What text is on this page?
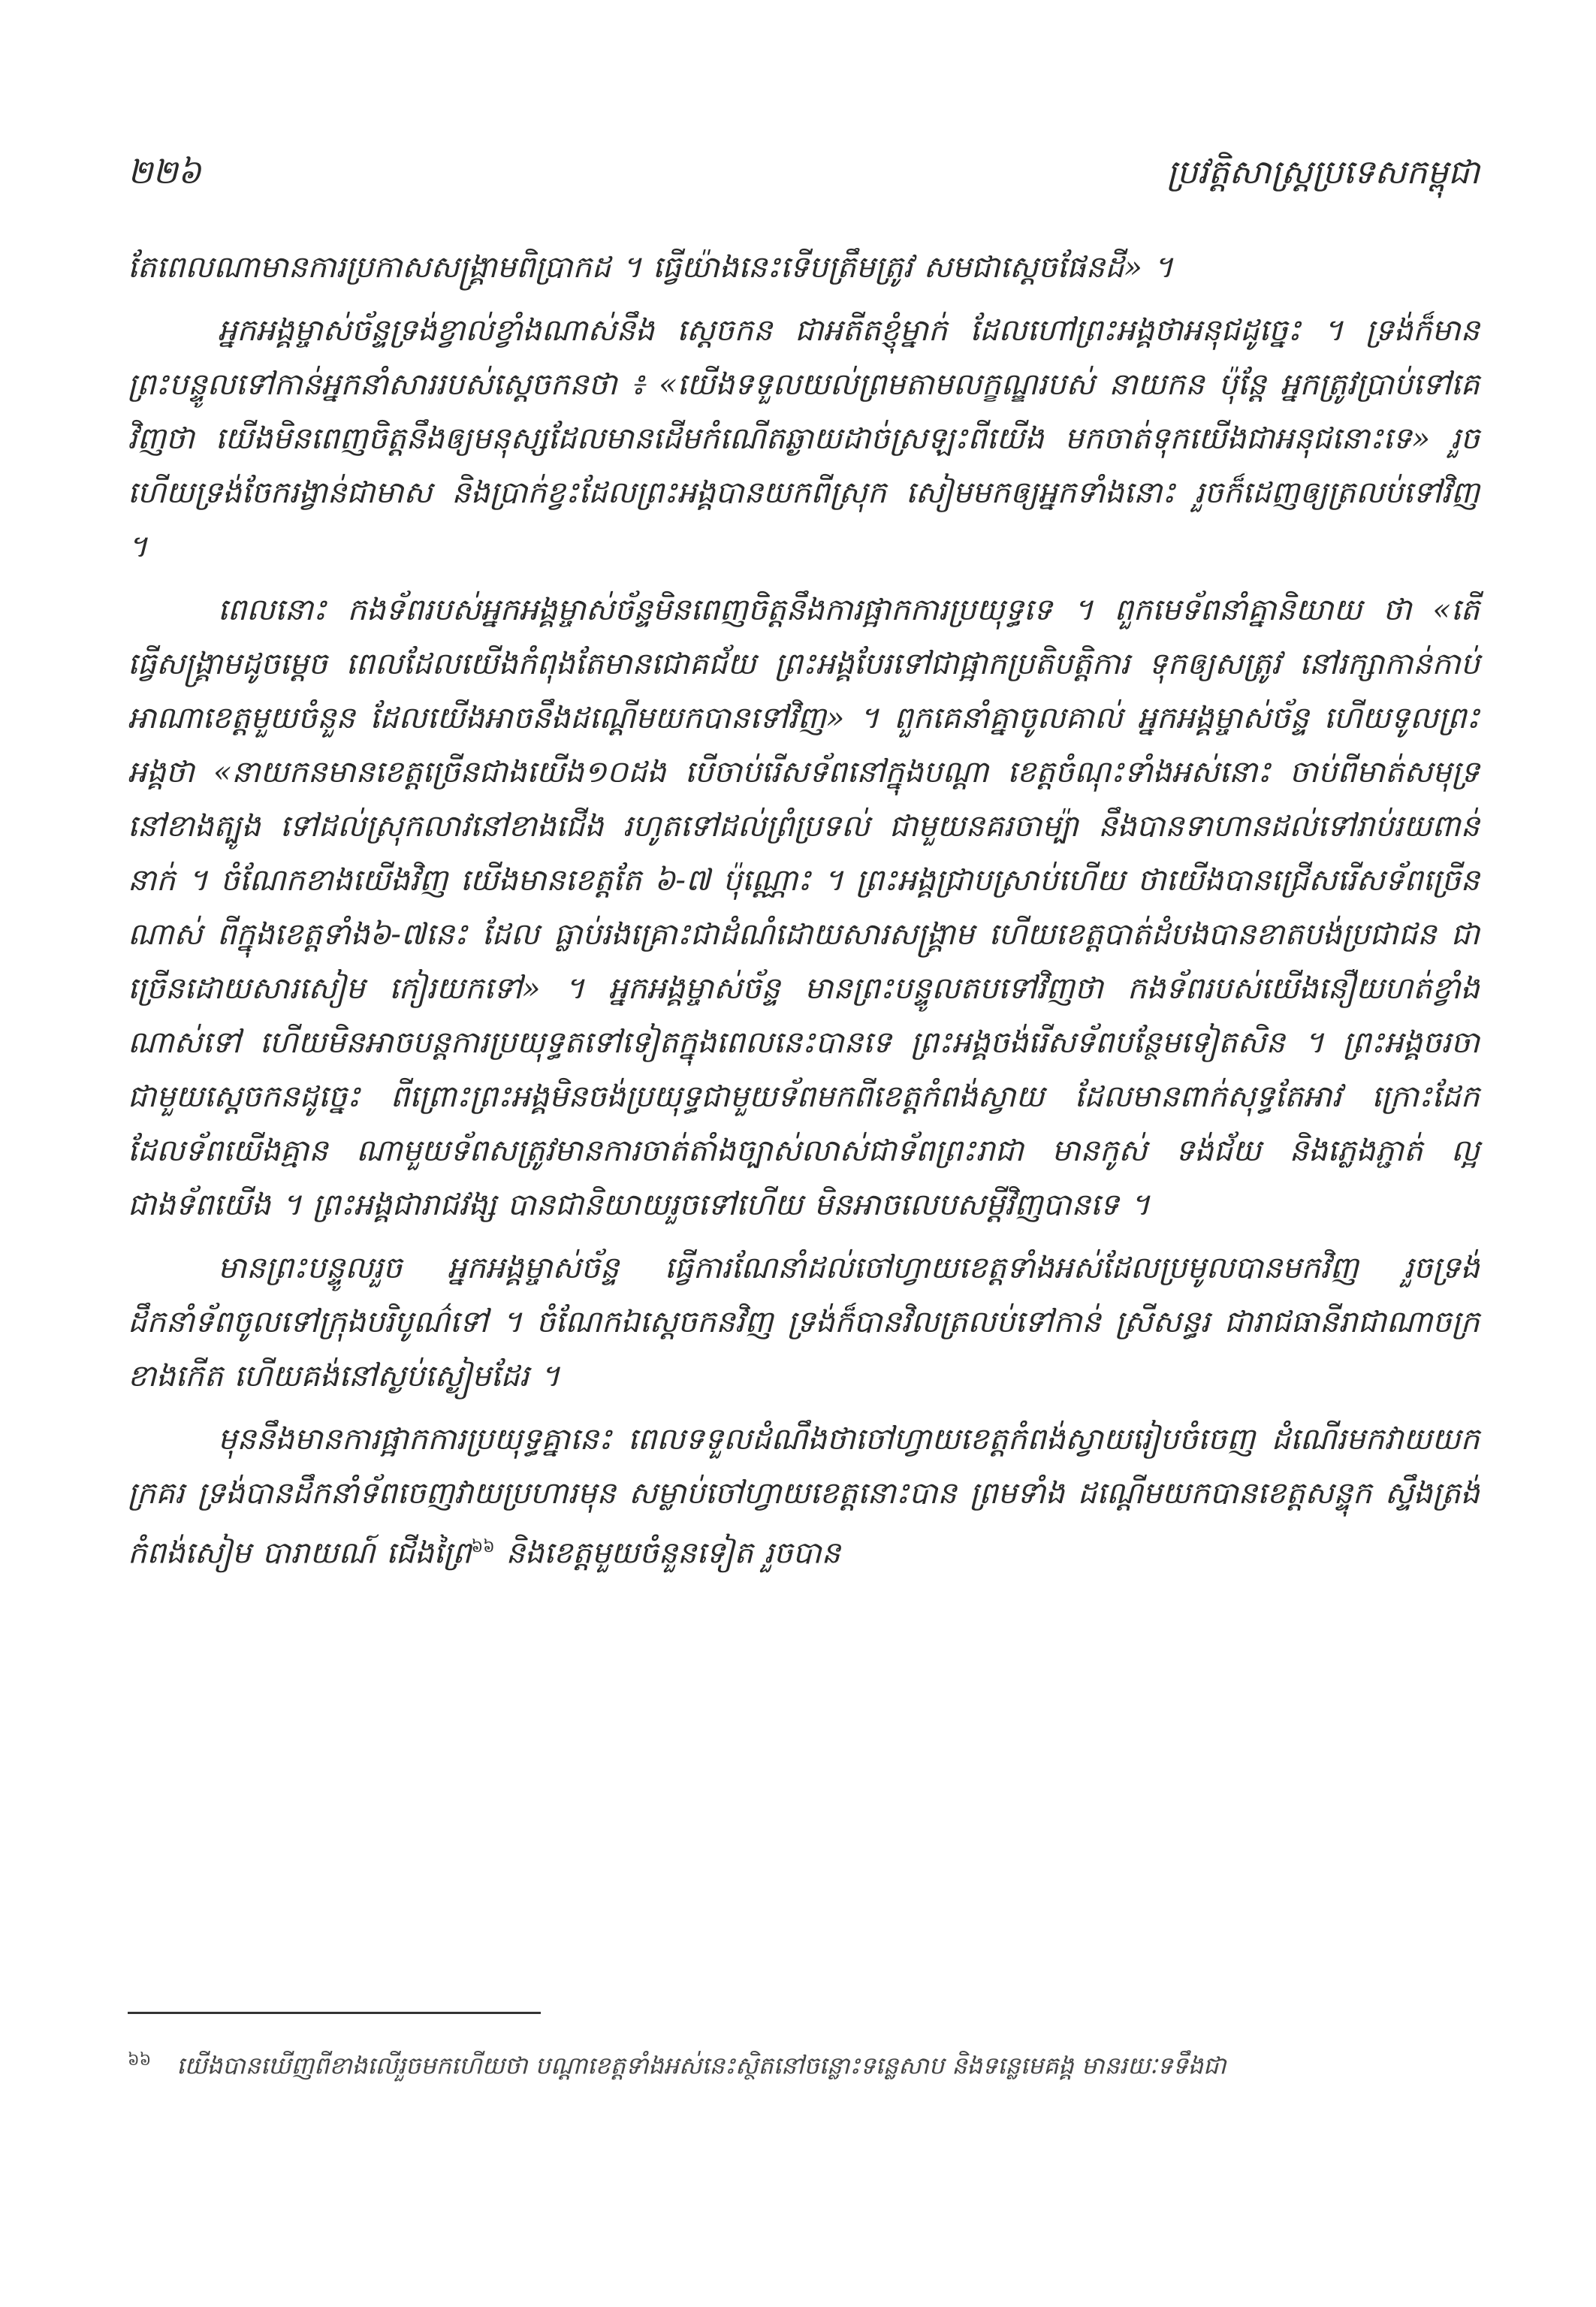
២២៦	ប្រវត្តិសាស្ត្រប្រទេសកម្ពុជា

តែពេលណាមានការប្រកាសសង្គ្រាមពិប្រាកដ ។ ធ្វើយ៉ាងនេះទើបត្រឹមត្រូវ សមជាស្ដេចផែនដី» ។

អ្នកអង្គម្ចាស់ច័ន្ទទ្រង់ខ្វាល់ខ្វាំងណាស់នឹង ស្ដេចកន ជាអតីតខ្ញុំម្នាក់ ដែលហៅព្រះអង្គថាអនុជដូច្នេះ ។ ទ្រង់ក៏មានព្រះបន្ទូលទៅកាន់អ្នកនាំសាររបស់ស្ដេចកនថា ៖ «យើងទទួលយល់ព្រមតាមលក្ខណ្ឌរបស់ នាយកន ប៉ុន្តែ អ្នកត្រូវប្រាប់ទៅគេវិញថា យើងមិនពេញចិត្តនឹងឲ្យមនុស្សដែលមានដើមកំណើតឆ្ងាយដាច់ស្រឡះពីយើង មកចាត់ទុកយើងជាអនុជនោះទេ» រួចហើយទ្រង់ចែករង្វាន់ជាមាស និងប្រាក់ខ្វះដែលព្រះអង្គបានយកពីស្រុក សៀមមកឲ្យអ្នកទាំងនោះ រួចក៏ដេញឲ្យត្រលប់ទៅវិញ ។

ពេលនោះ កងទ័ពរបស់អ្នកអង្គម្ចាស់ច័ន្ទមិនពេញចិត្តនឹងការផ្អាកការប្រយុទ្ធទេ ។ ពួកមេទ័ពនាំគ្នានិយាយ ថា «តើធ្វើសង្គ្រាមដូចម្ដេច ពេលដែលយើងកំពុងតែមានជោគជ័យ ព្រះអង្គបែរទៅជាផ្អាកប្រតិបត្តិការ ទុកឲ្យសត្រូវ នៅរក្សាកាន់កាប់អាណាខេត្តមួយចំនួន ដែលយើងអាចនឹងដណ្ដើមយកបានទៅវិញ» ។ ពួកគេនាំគ្នាចូលគាល់ អ្នកអង្គម្ចាស់ច័ន្ទ ហើយទូលព្រះអង្គថា «នាយកនមានខេត្តច្រើនជាងយើង១០ដង បើចាប់រើសទ័ពនៅក្នុងបណ្ដា ខេត្តចំណុះទាំងអស់នោះ ចាប់ពីមាត់សមុទ្រនៅខាងត្បូង ទៅដល់ស្រុកលាវនៅខាងជើង រហូតទៅដល់ព្រំប្រទល់ ជាមួយនគរចាម្ប៉ា នឹងបានទាហានដល់ទៅរាប់រយពាន់នាក់ ។ ចំណែកខាងយើងវិញ យើងមានខេត្តតែ ៦-៧ ប៉ុណ្ណោះ ។ ព្រះអង្គជ្រាបស្រាប់ហើយ ថាយើងបានជ្រើសរើសទ័ពច្រើនណាស់ ពីក្នុងខេត្តទាំង៦-៧នេះ ដែល ធ្លាប់រងគ្រោះជាដំណំដោយសារសង្គ្រាម ហើយខេត្តបាត់ដំបងបានខាតបង់ប្រជាជន ជាច្រើនដោយសារសៀម កៀរយកទៅ» ។ អ្នកអង្គម្ចាស់ច័ន្ទ មានព្រះបន្ទូលតបទៅវិញថា កងទ័ពរបស់យើងនឿយហត់ខ្វាំងណាស់ទៅ ហើយមិនអាចបន្តការប្រយុទ្ធតទៅទៀតក្នុងពេលនេះបានទេ ព្រះអង្គចង់រើសទ័ពបន្ថែមទៀតសិន ។ ព្រះអង្គចរចា ជាមួយស្ដេចកនដូច្នេះ ពីព្រោះព្រះអង្គមិនចង់ប្រយុទ្ធជាមួយទ័ពមកពីខេត្តកំពង់ស្វាយ ដែលមានពាក់សុទ្ធតែអាវ ក្រោះដែកដែលទ័ពយើងគ្មាន ណាមួយទ័ពសត្រូវមានការចាត់តាំងច្បាស់លាស់ជាទ័ពព្រះរាជា មានកូស់ ទង់ជ័យ និងភ្លេងភ្ជាត់ ល្អជាងទ័ពយើង ។ ព្រះអង្គជារាជវង្ស បានជានិយាយរួចទៅហើយ មិនអាចលេបសម្ដីវិញបានទេ ។

មានព្រះបន្ទូលរួច អ្នកអង្គម្ចាស់ច័ន្ទ ធ្វើការណែនាំដល់ចៅហ្វាយខេត្តទាំងអស់ដែលប្រមូលបានមកវិញ រួចទ្រង់ដឹកនាំទ័ពចូលទៅក្រុងបរិបូណ៌ទៅ ។ ចំណែកឯស្ដេចកនវិញ ទ្រង់ក៏បានវិលត្រលប់ទៅកាន់ ស្រីសន្ធរ ជារាជធានីរាជាណាចក្រខាងកើត ហើយគង់នៅស្ងប់ស្ងៀមដែរ ។

មុននឹងមានការផ្អាកការប្រយុទ្ធគ្នានេះ ពេលទទួលដំណឹងថាចៅហ្វាយខេត្តកំពង់ស្វាយរៀបចំចេញ ដំណើរមកវាយយកក្រគរ ទ្រង់បានដឹកនាំទ័ពចេញវាយប្រហារមុន សម្លាប់ចៅហ្វាយខេត្តនោះបាន ព្រមទាំង ដណ្ដើមយកបានខេត្តសន្ទុក ស្ទឹងត្រង់ កំពង់សៀម បារាយណ៍ ជើងព្រៃ$^{៦៦}$ និងខេត្តមួយចំនួនទៀត រួចបាន

$^{៦៦}$ យើងបានឃើញពីខាងលើរួចមកហើយថា បណ្ដាខេត្តទាំងអស់នេះស្ថិតនៅចន្លោះទន្លេសាប និងទន្លេមេគង្គ មានរយៈទទឹងជា
